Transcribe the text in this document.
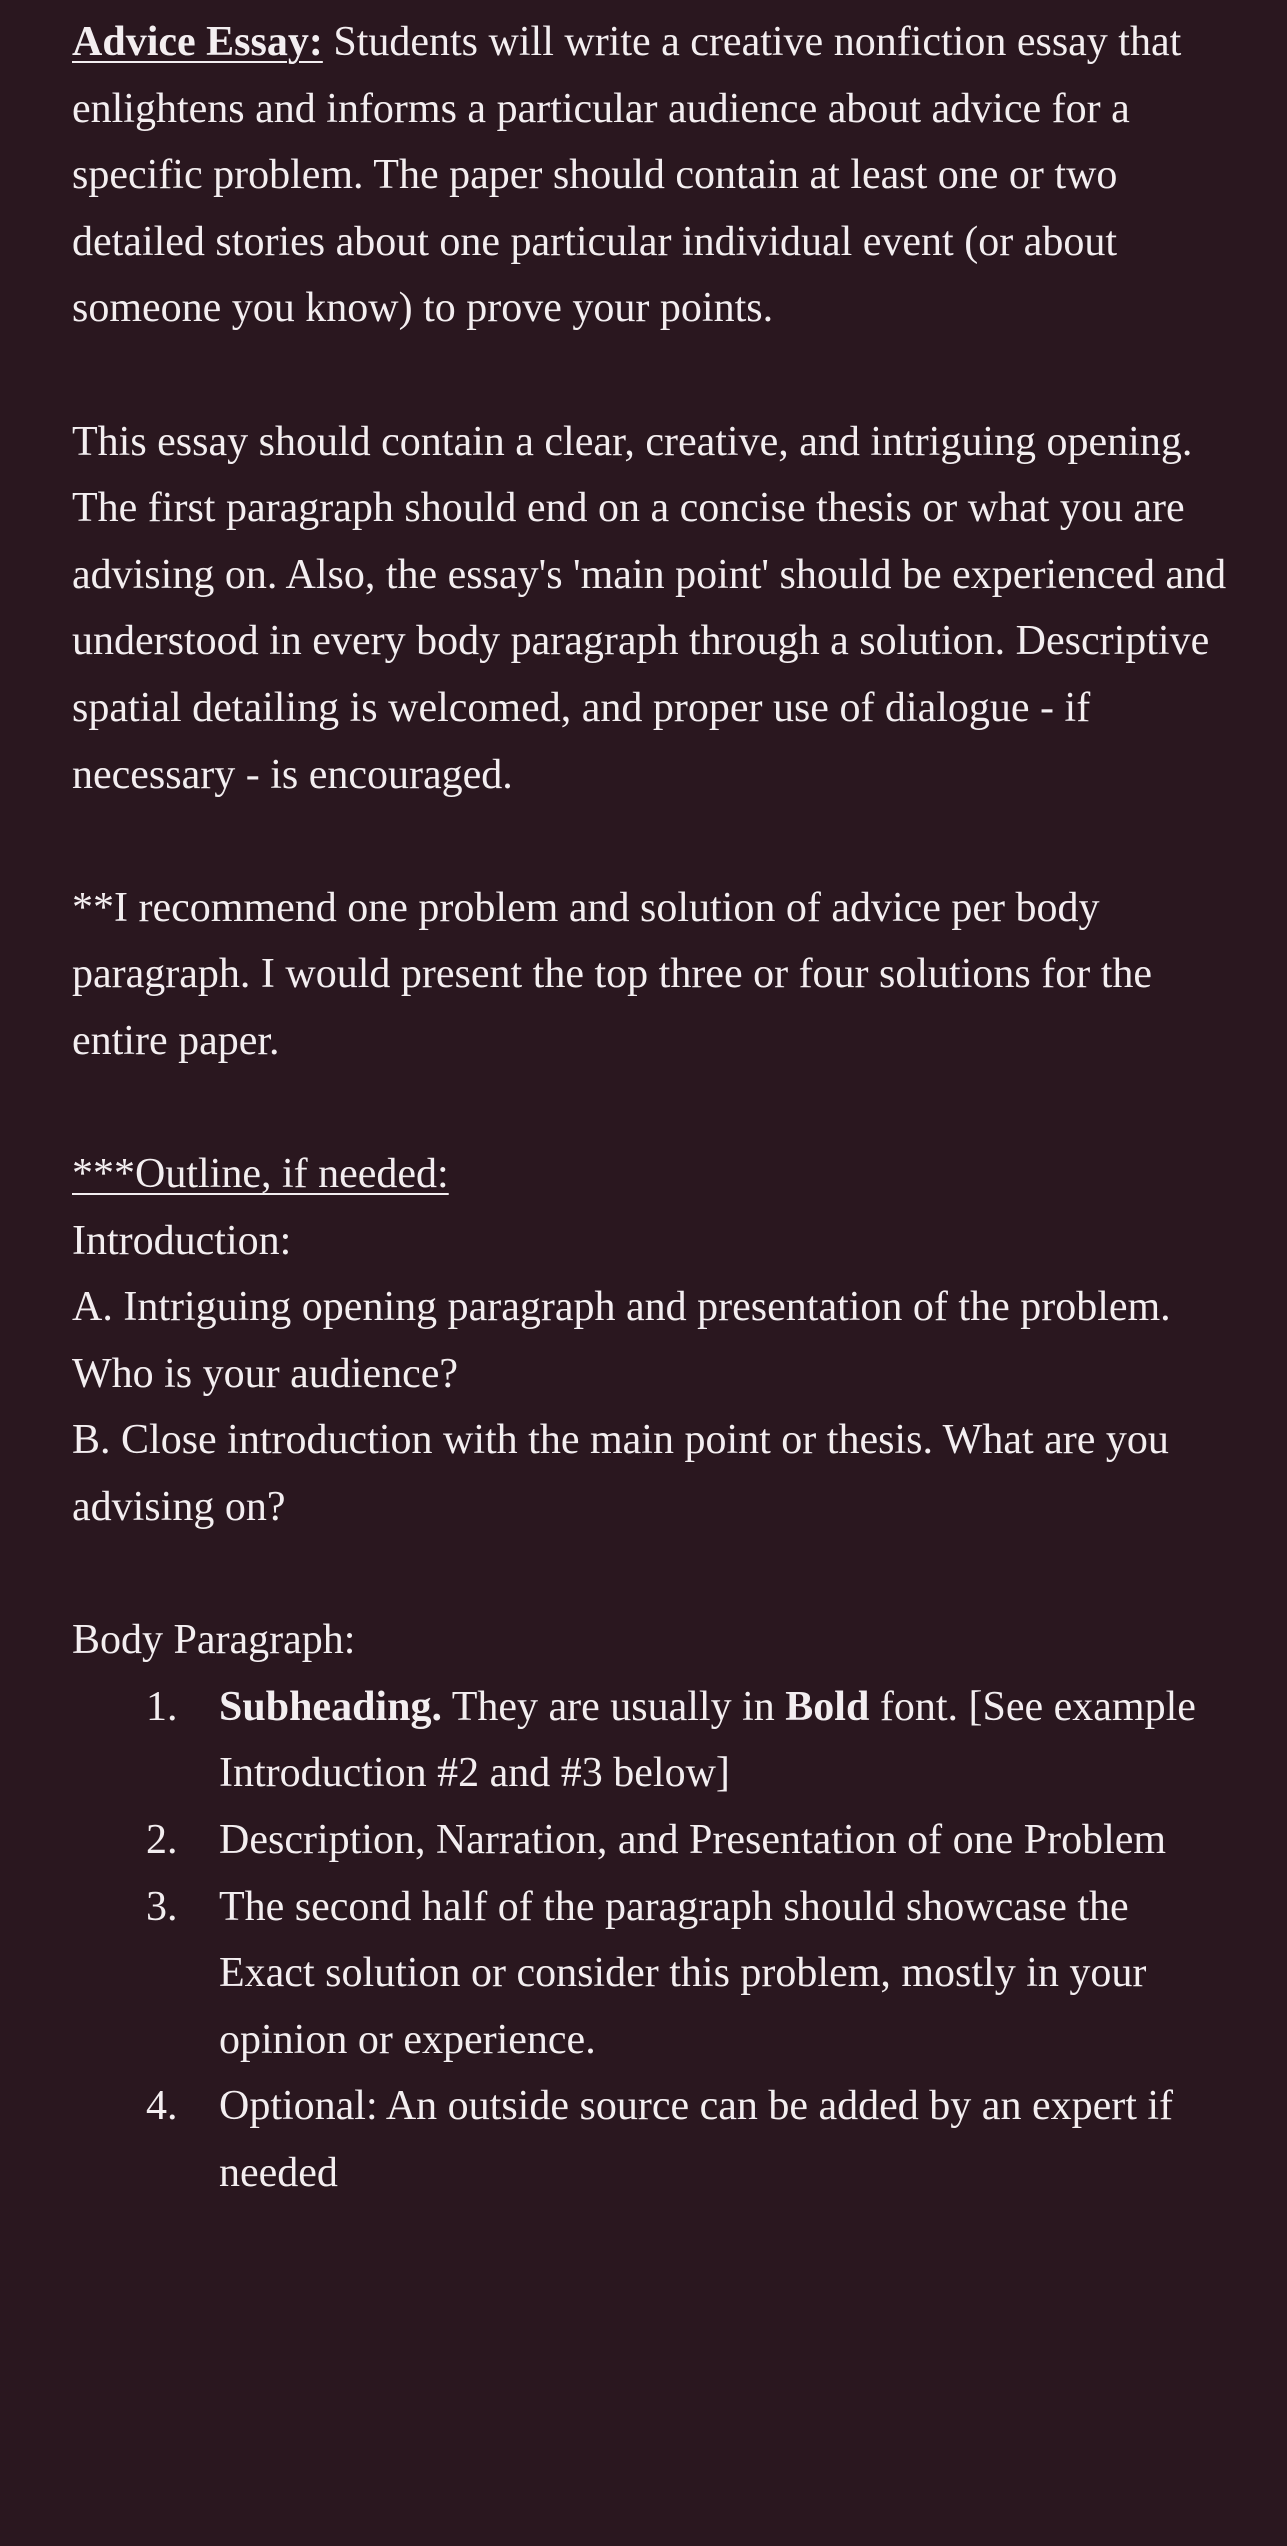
Advice Essay: Students will write a creative nonfiction essay that enlightens and informs a particular audience about advice for a specific problem. The paper should contain at least one or two detailed stories about one particular individual event (or about someone you know) to prove your points.

This essay should contain a clear, creative, and intriguing opening. The first paragraph should end on a concise thesis or what you are advising on. Also, the essay's 'main point' should be experienced and understood in every body paragraph through a solution. Descriptive spatial detailing is welcomed, and proper use of dialogue - if necessary - is encouraged.

**I recommend one problem and solution of advice per body paragraph. I would present the top three or four solutions for the entire paper.

***Outline, if needed:

Introduction:

A. Intriguing opening paragraph and presentation of the problem. Who is your audience?

B. Close introduction with the main point or thesis. What are you advising on?

Body Paragraph:

1. Subheading. They are usually in Bold font. [See example Introduction #2 and #3 below]
2. Description, Narration, and Presentation of one Problem
3. The second half of the paragraph should showcase the Exact solution or consider this problem, mostly in your opinion or experience.
4. Optional: An outside source can be added by an expert if needed
